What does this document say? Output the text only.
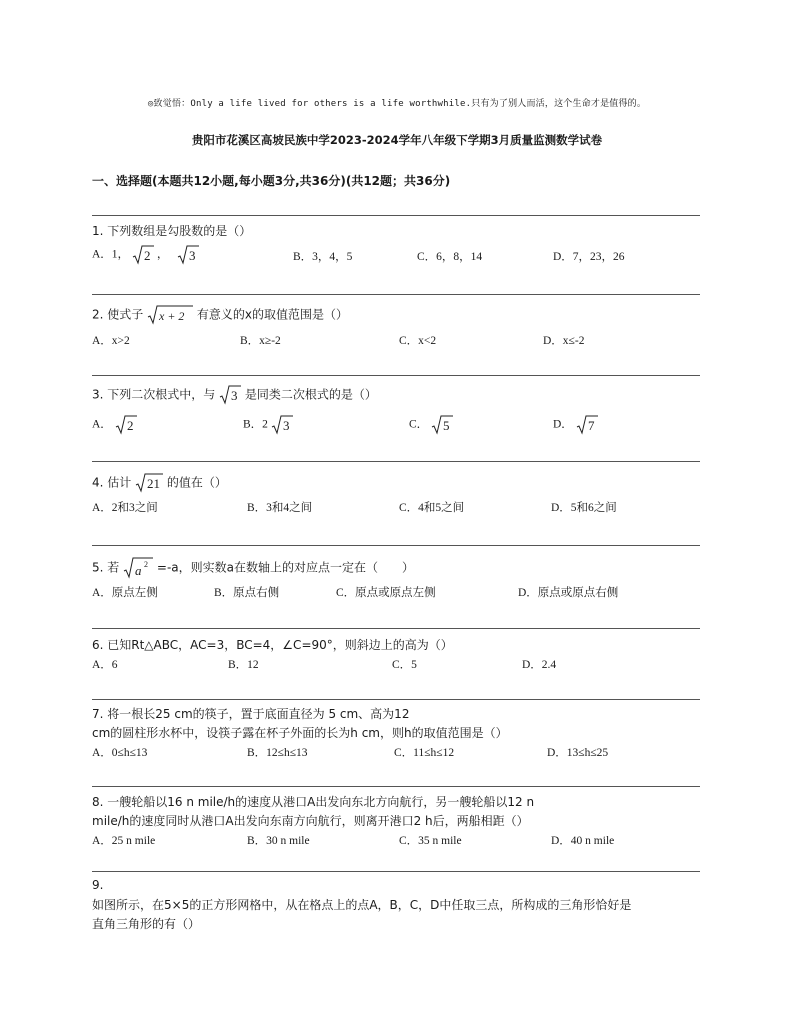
◎致觉悟：Only a life lived for others is a life worthwhile.只有为了别人而活，这个生命才是值得的。
贵阳市花溪区高坡民族中学2023-2024学年八年级下学期3月质量监测数学试卷
一、选择题(本题共12小题,每小题3分,共36分)(共12题；共36分)
1. 下列数组是勾股数的是（）
A．1， 2 ， 3	B．3，4，5	C．6，8，14	D．7，23，26
2. 使式子 x + 2 有意义的x的取值范围是（）
A．x>2	B．x≥-2	C．x<2	D．x≤-2
3. 下列二次根式中，与 3 是同类二次根式的是（）
A． 2	B．2 3	C． 5	D． 7
4. 估计 21 的值在（）
A．2和3之间	B．3和4之间	C．4和5之间	D．5和6之间
5. 若 a 2 =-a，则实数a在数轴上的对应点一定在（　　）
A．原点左侧	B．原点右侧	C．原点或原点左侧	D．原点或原点右侧
6. 已知Rt△ABC，AC=3，BC=4，∠C=90°，则斜边上的高为（）
A．6	B．12	C．5	D．2.4
7. 将一根长25 cm的筷子，置于底面直径为 5 cm、高为12
cm的圆柱形水杯中，设筷子露在杯子外面的长为h cm，则h的取值范围是（）
A．0≤h≤13	B．12≤h≤13	C．11≤h≤12	D．13≤h≤25
8. 一艘轮船以16 n mile/h的速度从港口A出发向东北方向航行，另一艘轮船以12 n
mile/h的速度同时从港口A出发向东南方向航行，则离开港口2 h后，两船相距（）
A．25 n mile	B．30 n mile	C．35 n mile	D．40 n mile
9.
如图所示，在5×5的正方形网格中，从在格点上的点A，B，C，D中任取三点，所构成的三角形恰好是
直角三角形的有（）
